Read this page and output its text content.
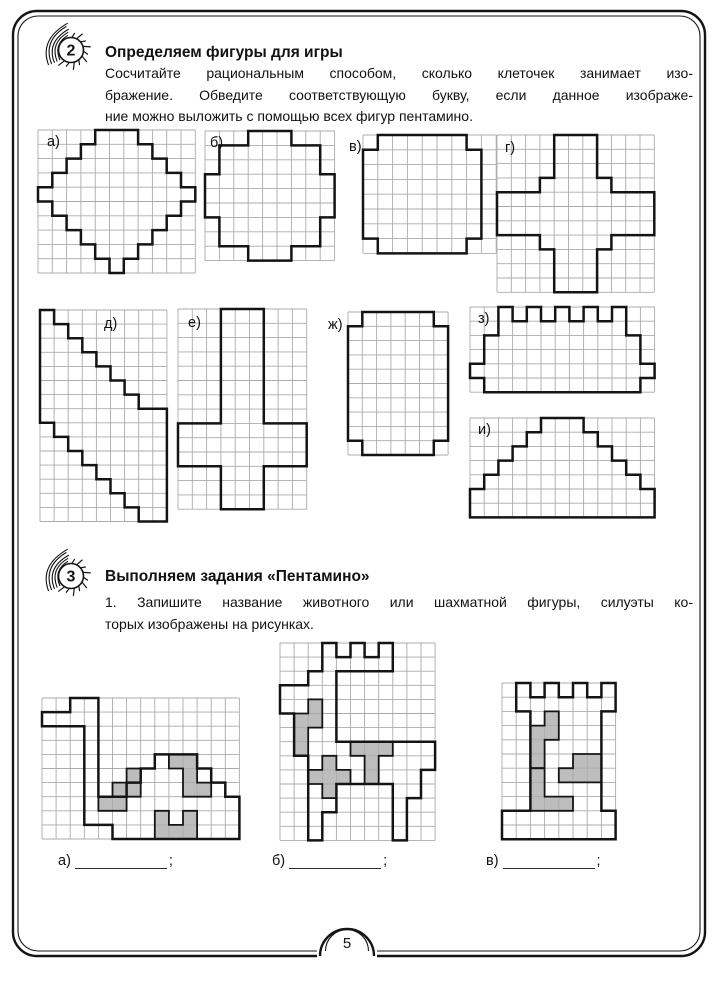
5
2 Определяем фигуры для игры
Сосчитайте рациональным способом, сколько клеточек занимает изо-
бражение. Обведите соответствующую букву, если данное изображе-
ние можно выложить с помощью всех фигур пентамино.
3 Выполняем задания «Пентамино»
1. Запишите название животного или шахматной фигуры, силуэты ко-
торых изображены на рисунках.
а)	б)	в)	г)
д)	е)	ж)	з)
и)
а)	;	б)	;	в)	;
